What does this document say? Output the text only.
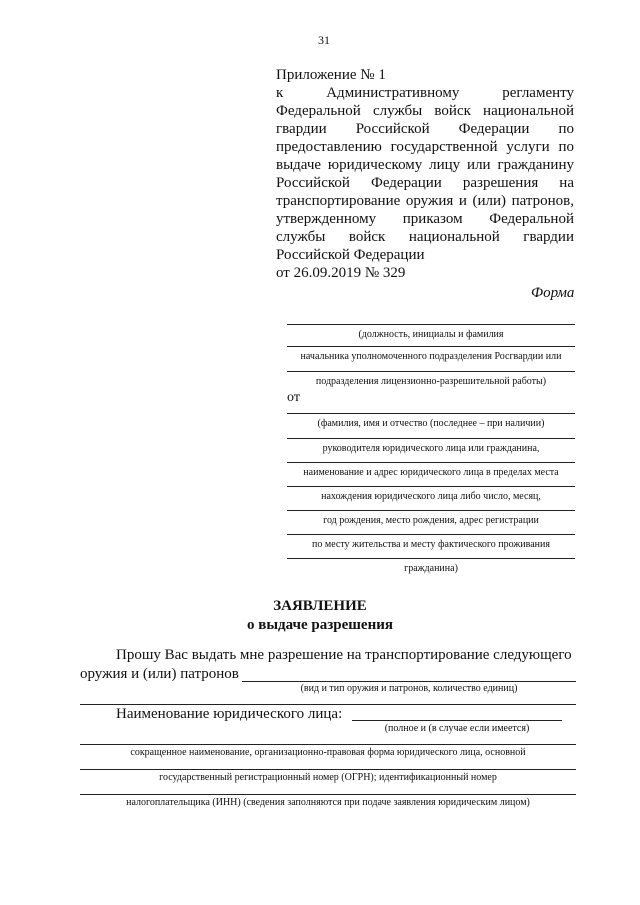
31
Приложение № 1
к Административному регламенту
Федеральной службы войск национальной
гвардии Российской Федерации по
предоставлению государственной услуги по
выдаче юридическому лицу или гражданину
Российской Федерации разрешения на
транспортирование оружия и (или) патронов,
утвержденному приказом Федеральной
службы войск национальной гвардии
Российской Федерации
от 26.09.2019 № 329
Форма
(должность, инициалы и фамилия
начальника уполномоченного подразделения Росгвардии или
подразделения лицензионно-разрешительной работы)
от
(фамилия, имя и отчество (последнее – при наличии)
руководителя юридического лица или гражданина,
наименование и адрес юридического лица в пределах места
нахождения юридического лица либо число, месяц,
год рождения, место рождения, адрес регистрации
по месту жительства и месту фактического проживания
гражданина)
ЗАЯВЛЕНИЕ
о выдаче разрешения
Прошу Вас выдать мне разрешение на транспортирование следующего
оружия и (или) патронов
(вид и тип оружия и патронов, количество единиц)
Наименование юридического лица:
(полное и (в случае если имеется)
сокращенное наименование, организационно-правовая форма юридического лица, основной
государственный регистрационный номер (ОГРН); идентификационный номер
налогоплательщика (ИНН) (сведения заполняются при подаче заявления юридическим лицом)
